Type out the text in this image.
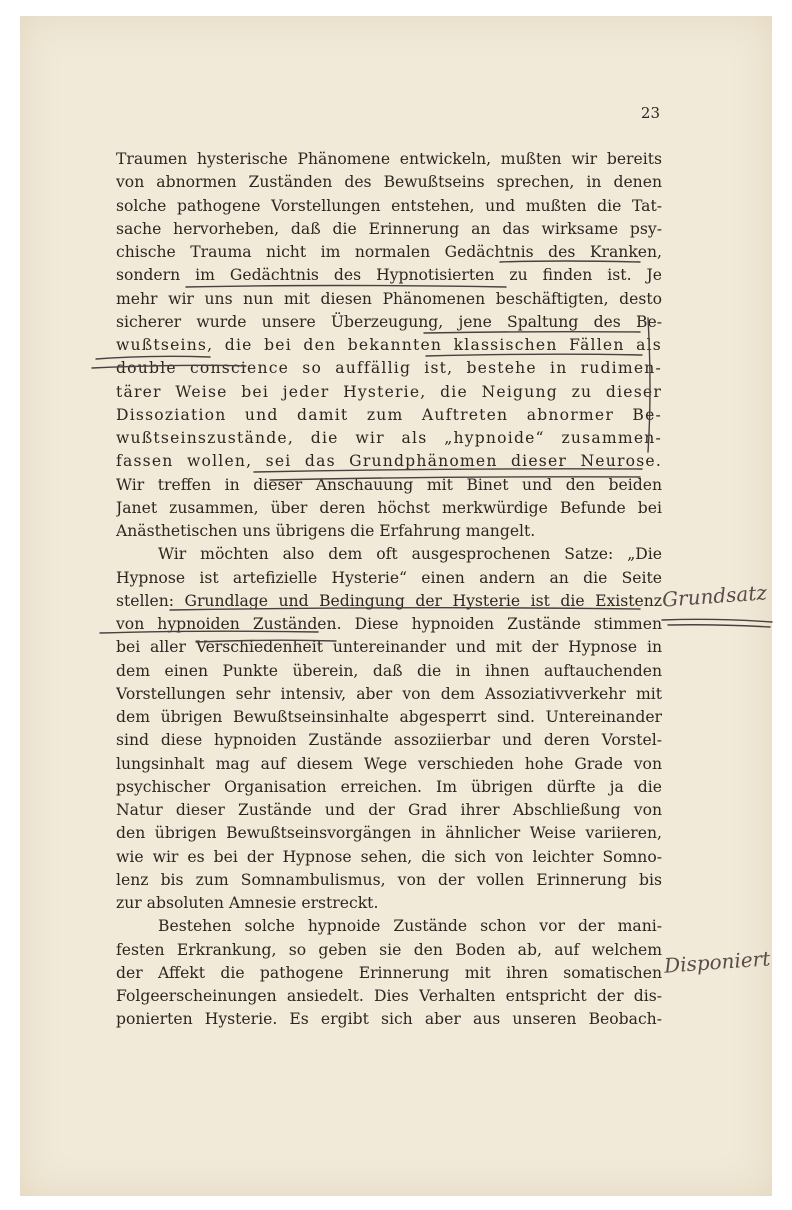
23
Traumen hysterische Phänomene entwickeln, mußten wir bereits
von abnormen Zuständen des Bewußtseins sprechen, in denen
solche pathogene Vorstellungen entstehen, und mußten die Tat-
sache hervorheben, daß die Erinnerung an das wirksame psy-
chische Trauma nicht im normalen Gedächtnis des Kranken,
sondern im Gedächtnis des Hypnotisierten zu finden ist. Je
mehr wir uns nun mit diesen Phänomenen beschäftigten, desto
sicherer wurde unsere Überzeugung, jene Spaltung des Be-
wußtseins, die bei den bekannten klassischen Fällen als
double conscience so auffällig ist, bestehe in rudimen-
tärer Weise bei jeder Hysterie, die Neigung zu dieser
Dissoziation und damit zum Auftreten abnormer Be-
wußtseinszustände, die wir als „hypnoide“ zusammen-
fassen wollen, sei das Grundphänomen dieser Neurose.
Wir treffen in dieser Anschauung mit Binet und den beiden
Janet zusammen, über deren höchst merkwürdige Befunde bei
Anästhetischen uns übrigens die Erfahrung mangelt.
Wir möchten also dem oft ausgesprochenen Satze: „Die
Hypnose ist artefizielle Hysterie“ einen andern an die Seite
stellen: Grundlage und Bedingung der Hysterie ist die Existenz
von hypnoiden Zuständen. Diese hypnoiden Zustände stimmen
bei aller Verschiedenheit untereinander und mit der Hypnose in
dem einen Punkte überein, daß die in ihnen auftauchenden
Vorstellungen sehr intensiv, aber von dem Assoziativverkehr mit
dem übrigen Bewußtseinsinhalte abgesperrt sind. Untereinander
sind diese hypnoiden Zustände assoziierbar und deren Vorstel-
lungsinhalt mag auf diesem Wege verschieden hohe Grade von
psychischer Organisation erreichen. Im übrigen dürfte ja die
Natur dieser Zustände und der Grad ihrer Abschließung von
den übrigen Bewußtseinsvorgängen in ähnlicher Weise variieren,
wie wir es bei der Hypnose sehen, die sich von leichter Somno-
lenz bis zum Somnambulismus, von der vollen Erinnerung bis
zur absoluten Amnesie erstreckt.
Bestehen solche hypnoide Zustände schon vor der mani-
festen Erkrankung, so geben sie den Boden ab, auf welchem
der Affekt die pathogene Erinnerung mit ihren somatischen
Folgeerscheinungen ansiedelt. Dies Verhalten entspricht der dis-
ponierten Hysterie. Es ergibt sich aber aus unseren Beobach-
Grundsatz
Disponiert
